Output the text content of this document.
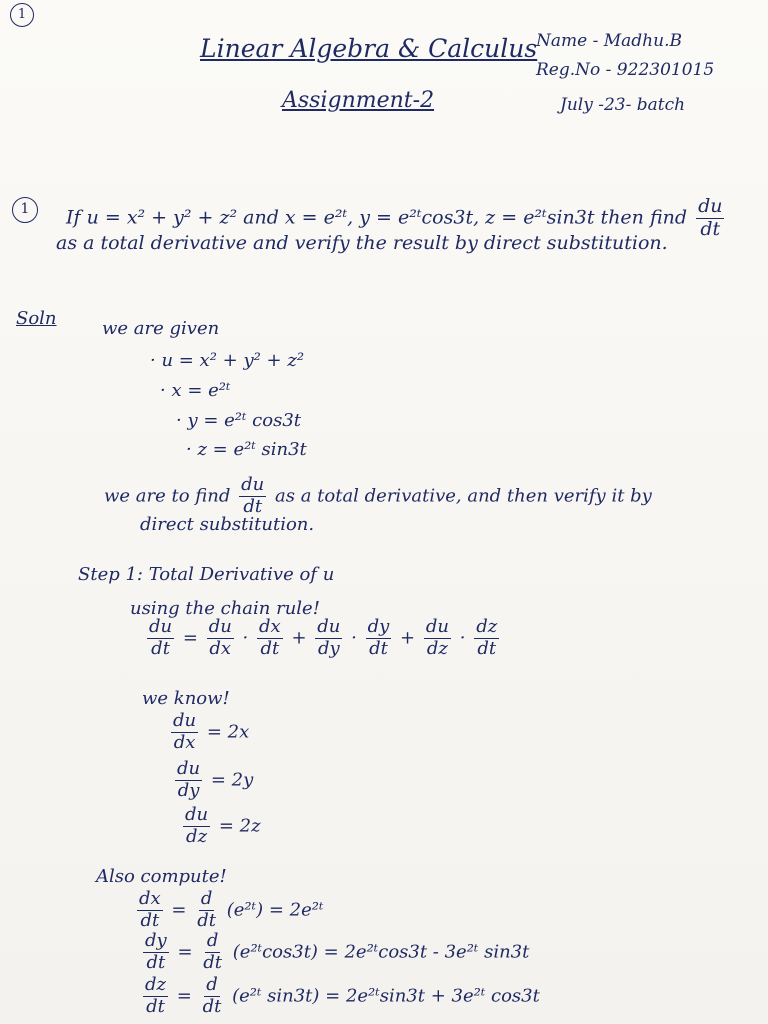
1
Linear Algebra & Calculus
Assignment-2
Name - Madhu.B
Reg.No - 922301015
July -23- batch
1	If u = x² + y² + z² and x = e²ᵗ, y = e²ᵗcos3t, z = e²ᵗsin3t then find $\frac{du}{dt}$
as a total derivative and verify the result by direct substitution.
Soln	we are given
· u = x² + y² + z²
· x = e²ᵗ
· y = e²ᵗ cos3t
· z = e²ᵗ sin3t
we are to find $\frac{du}{dt}$ as a total derivative, and then verify it by
direct substitution.
Step 1: Total Derivative of u
using the chain rule!
$\frac{du}{dt} = \frac{du}{dx} \cdot \frac{dx}{dt} + \frac{du}{dy} \cdot \frac{dy}{dt} + \frac{du}{dz} \cdot \frac{dz}{dt}$
we know!
$\frac{du}{dx} = 2x$
$\frac{du}{dy} = 2y$
$\frac{du}{dz} = 2z$
Also compute!
$\frac{dx}{dt} = \frac{d}{dt}$ (e²ᵗ) = 2e²ᵗ
$\frac{dy}{dt} = \frac{d}{dt}$ (e²ᵗcos3t) = 2e²ᵗcos3t - 3e²ᵗ sin3t
$\frac{dz}{dt} = \frac{d}{dt}$ (e²ᵗ sin3t) = 2e²ᵗsin3t + 3e²ᵗ cos3t
